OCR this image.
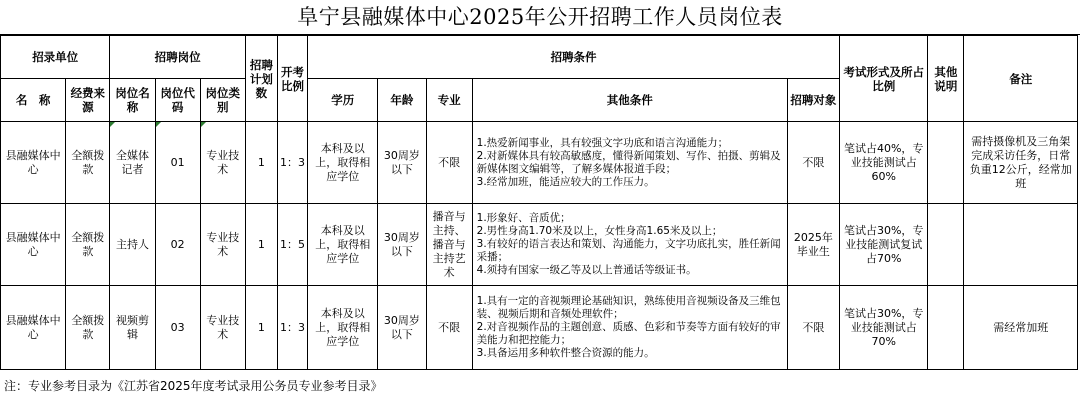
阜宁县融媒体中心2025年公开招聘工作人员岗位表
招录单位		招聘岗位			招聘计划数	开考比例	招聘条件					考试形式及所占比例	其他说明	备注
名　称	经费来源	岗位名称	岗位代码	岗位类别			学历	年龄	专业	其他条件	招聘对象			
县融媒体中心	全额拨款	全媒体记者	01	专业技术	1	1：3	本科及以上，取得相应学位	30周岁以下	不限	1.热爱新闻事业，具有较强文字功底和语言沟通能力；
2.对新媒体具有较高敏感度，懂得新闻策划、写作、拍摄、剪辑及新媒体图文编辑等，了解多媒体报道手段；
3.经常加班，能适应较大的工作压力。	不限	笔试占40%，专业技能测试占60%		需持摄像机及三角架完成采访任务，日常负重12公斤，经常加班
县融媒体中心	全额拨款	主持人	02	专业技术	1	1：5	本科及以上，取得相应学位	30周岁以下	播音与主持、播音与主持艺术	1.形象好、音质优；
2.男性身高1.70米及以上，女性身高1.65米及以上；
3.有较好的语言表达和策划、沟通能力，文字功底扎实，胜任新闻采播；
4.须持有国家一级乙等及以上普通话等级证书。	2025年毕业生	笔试占30%，专业技能测试复试占70%		
县融媒体中心	全额拨款	视频剪辑	03	专业技术	1	1：3	本科及以上，取得相应学位	30周岁以下	不限	1.具有一定的音视频理论基础知识，熟练使用音视频设备及三维包装、视频后期和音频处理软件；
2.对音视频作品的主题创意、质感、色彩和节奏等方面有较好的审美能力和把控能力；
3.具备运用多种软件整合资源的能力。	不限	笔试占30%，专业技能测试占70%		需经常加班
注：专业参考目录为《江苏省2025年度考试录用公务员专业参考目录》
